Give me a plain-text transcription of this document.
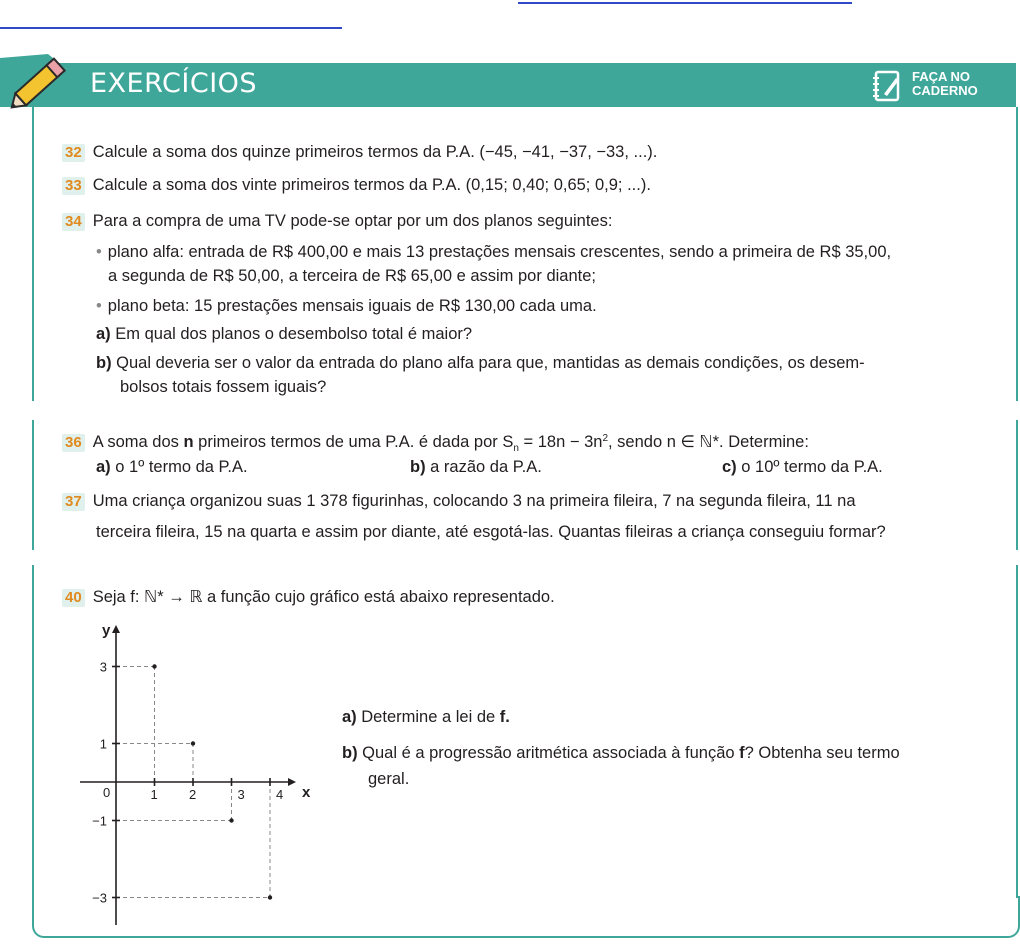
EXERCÍCIOS	FAÇA NO
CADERNO
32 Calcule a soma dos quinze primeiros termos da P.A. (−45, −41, −37, −33, ...).
33 Calcule a soma dos vinte primeiros termos da P.A. (0,15; 0,40; 0,65; 0,9; ...).
34 Para a compra de uma TV pode-se optar por um dos planos seguintes:
• plano alfa: entrada de R$ 400,00 e mais 13 prestações mensais crescentes, sendo a primeira de R$ 35,00,
a segunda de R$ 50,00, a terceira de R$ 65,00 e assim por diante;
• plano beta: 15 prestações mensais iguais de R$ 130,00 cada uma.
a) Em qual dos planos o desembolso total é maior?
b) Qual deveria ser o valor da entrada do plano alfa para que, mantidas as demais condições, os desem-
bolsos totais fossem iguais?
36 A soma dos n primeiros termos de uma P.A. é dada por $S_n = 18n - 3n^2$, sendo n ∈ ℕ*. Determine:
a) o 1º termo da P.A.	b) a razão da P.A.	c) o 10º termo da P.A.
37 Uma criança organizou suas 1 378 figurinhas, colocando 3 na primeira fileira, 7 na segunda fileira, 11 na
terceira fileira, 15 na quarta e assim por diante, até esgotá-las. Quantas fileiras a criança conseguiu formar?
40 Seja f: ℕ* → ℝ a função cujo gráfico está abaixo representado.
a) Determine a lei de f.
b) Qual é a progressão aritmética associada à função f? Obtenha seu termo
geral.
x
y
0	1 2	3 4
3
1
−1
−3
